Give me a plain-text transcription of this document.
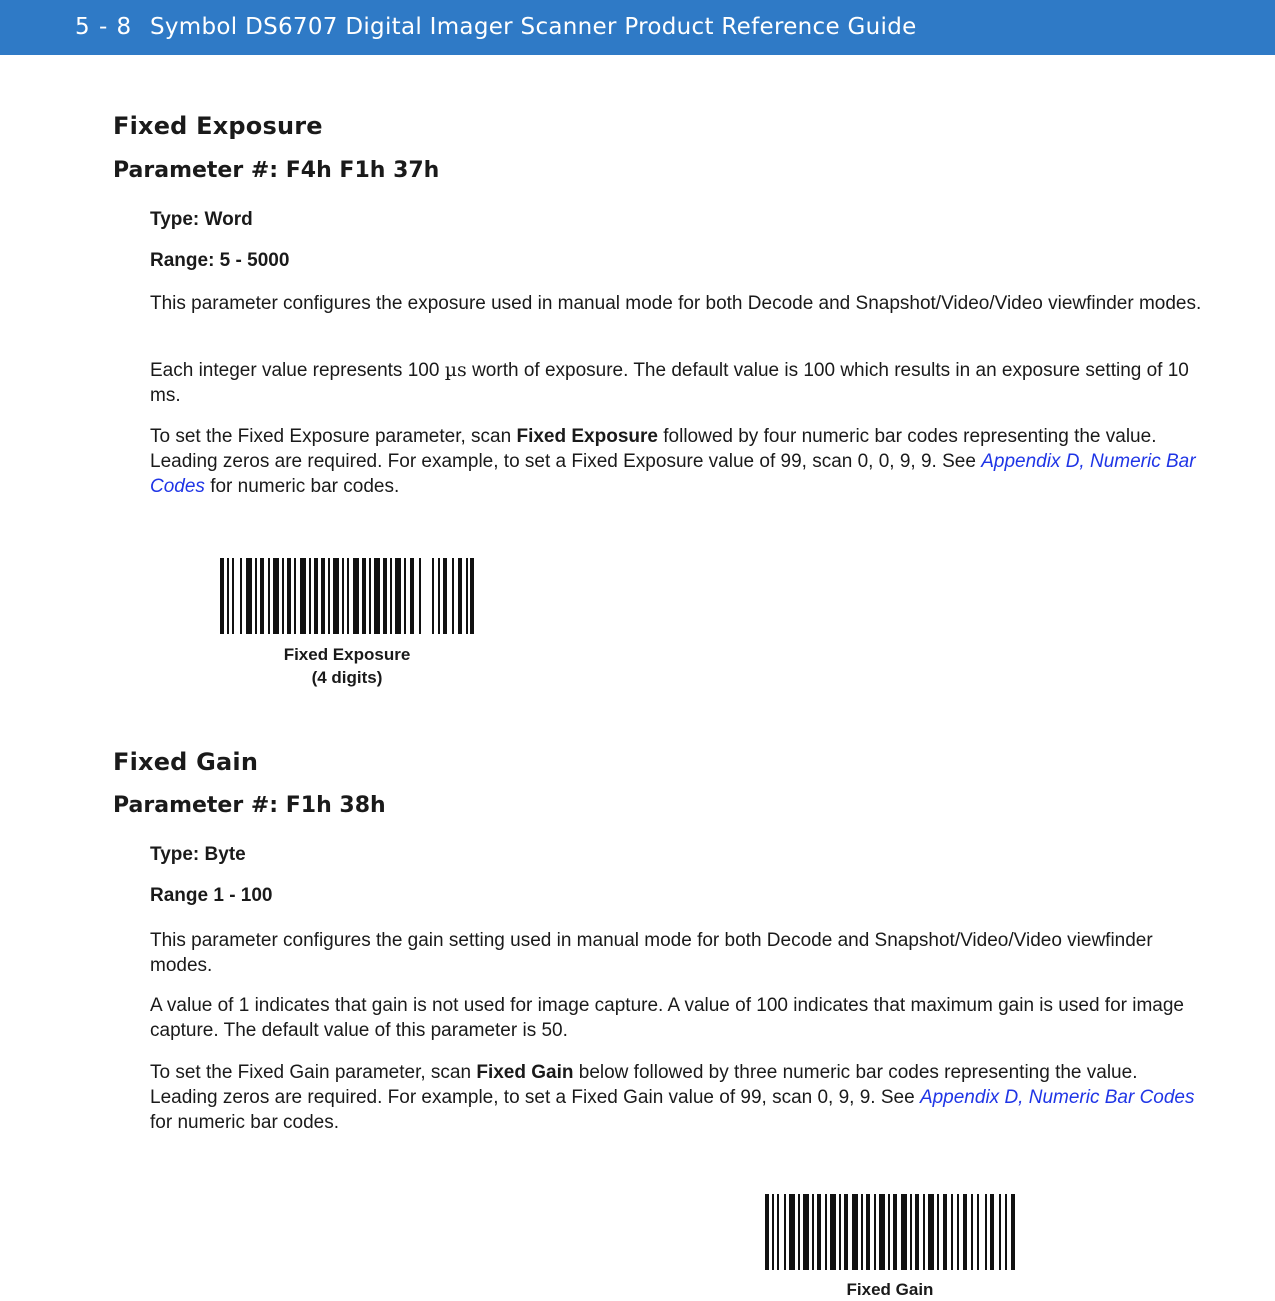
5 - 8 Symbol DS6707 Digital Imager Scanner Product Reference Guide
Fixed Exposure
Parameter #: F4h F1h 37h
Type: Word
Range: 5 - 5000
This parameter configures the exposure used in manual mode for both Decode and Snapshot/Video/Video viewfinder modes.
Each integer value represents 100 µs worth of exposure. The default value is 100 which results in an exposure setting of 10 ms.
To set the Fixed Exposure parameter, scan Fixed Exposure followed by four numeric bar codes representing the value. Leading zeros are required. For example, to set a Fixed Exposure value of 99, scan 0, 0, 9, 9. See Appendix D, Numeric Bar Codes for numeric bar codes.
Fixed Exposure
(4 digits)
Fixed Gain
Parameter #: F1h 38h
Type: Byte
Range 1 - 100
This parameter configures the gain setting used in manual mode for both Decode and Snapshot/Video/Video viewfinder modes.
A value of 1 indicates that gain is not used for image capture. A value of 100 indicates that maximum gain is used for image capture. The default value of this parameter is 50.
To set the Fixed Gain parameter, scan Fixed Gain below followed by three numeric bar codes representing the value. Leading zeros are required. For example, to set a Fixed Gain value of 99, scan 0, 9, 9. See Appendix D, Numeric Bar Codes for numeric bar codes.
Fixed Gain
